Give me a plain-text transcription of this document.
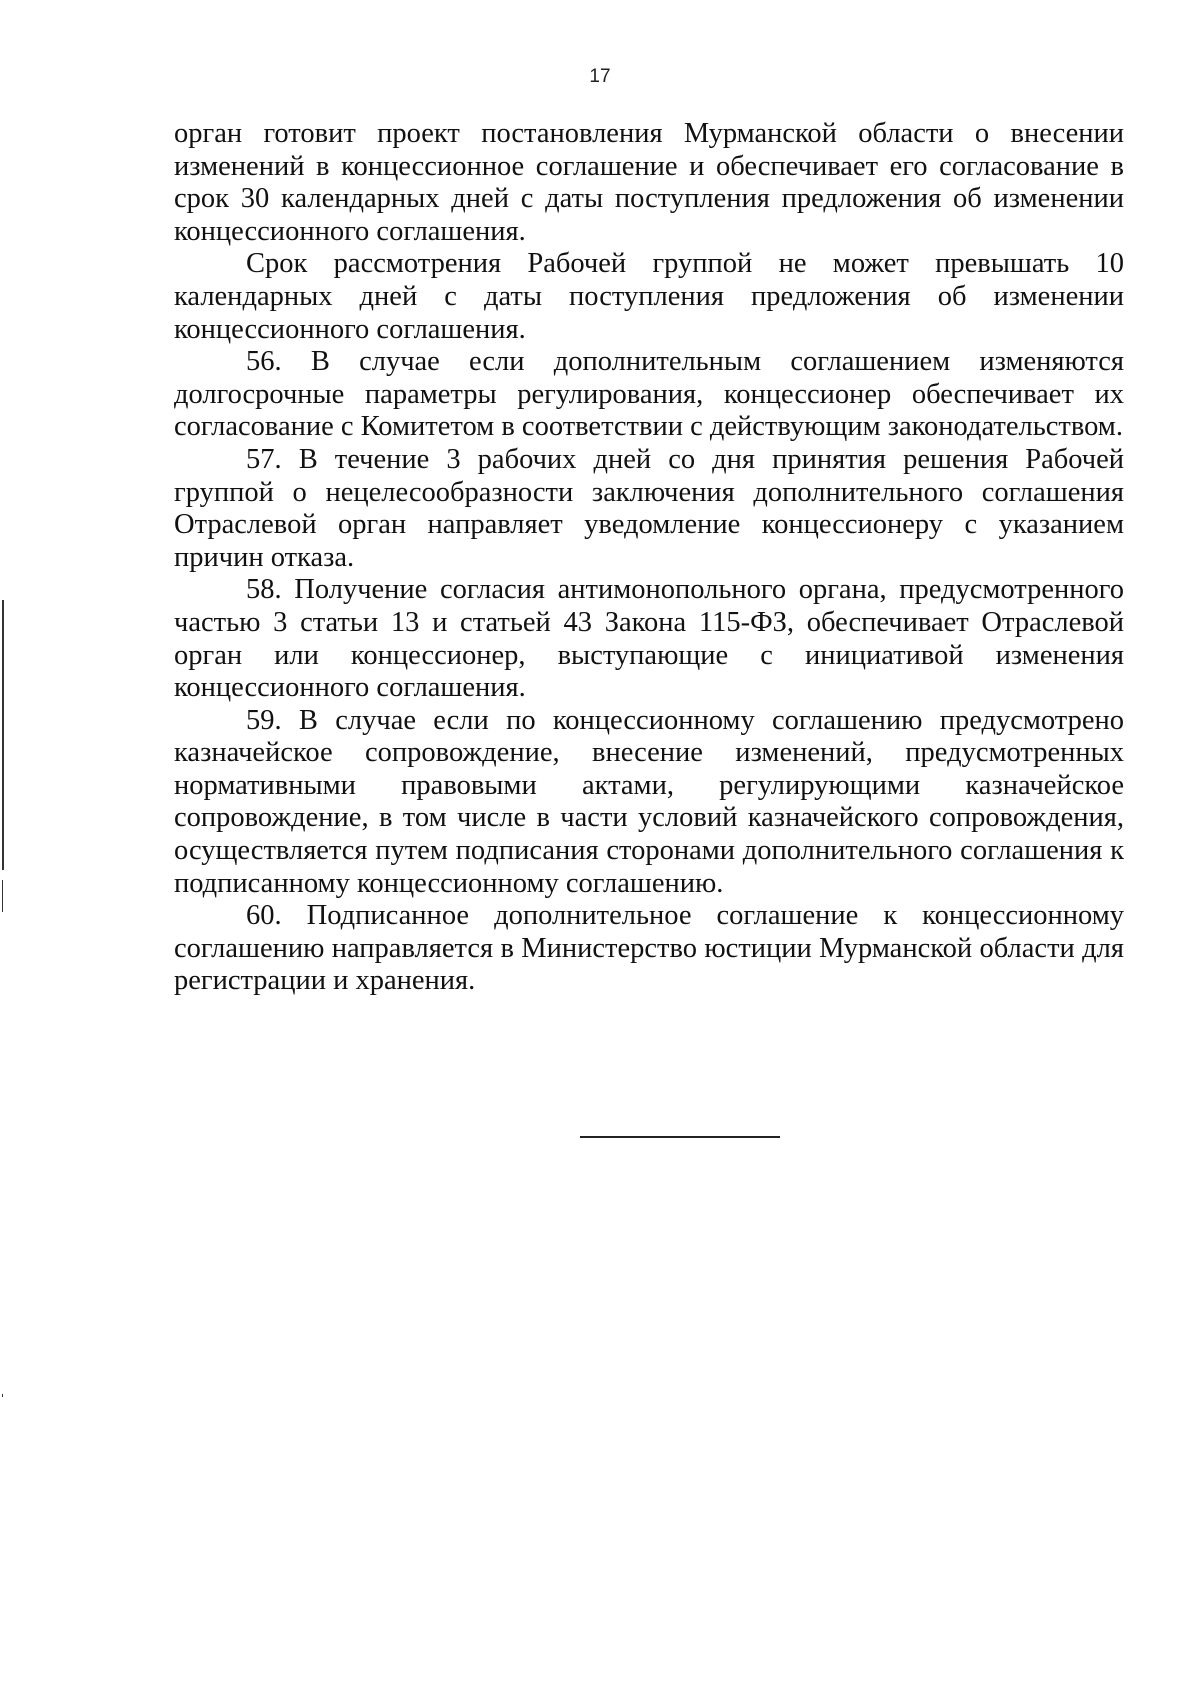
17

орган готовит проект постановления Мурманской области о внесении изменений в концессионное соглашение и обеспечивает его согласование в срок 30 календарных дней с даты поступления предложения об изменении концессионного соглашения.

Срок рассмотрения Рабочей группой не может превышать 10 календарных дней с даты поступления предложения об изменении концессионного соглашения.

56. В случае если дополнительным соглашением изменяются долгосрочные параметры регулирования, концессионер обеспечивает их согласование с Комитетом в соответствии с действующим законодательством.

57. В течение 3 рабочих дней со дня принятия решения Рабочей группой о нецелесообразности заключения дополнительного соглашения Отраслевой орган направляет уведомление концессионеру с указанием причин отказа.

58. Получение согласия антимонопольного органа, предусмотренного частью 3 статьи 13 и статьей 43 Закона 115-ФЗ, обеспечивает Отраслевой орган или концессионер, выступающие с инициативой изменения концессионного соглашения.

59. В случае если по концессионному соглашению предусмотрено казначейское сопровождение, внесение изменений, предусмотренных нормативными правовыми актами, регулирующими казначейское сопровождение, в том числе в части условий казначейского сопровождения, осуществляется путем подписания сторонами дополнительного соглашения к подписанному концессионному соглашению.

60. Подписанное дополнительное соглашение к концессионному соглашению направляется в Министерство юстиции Мурманской области для регистрации и хранения.
